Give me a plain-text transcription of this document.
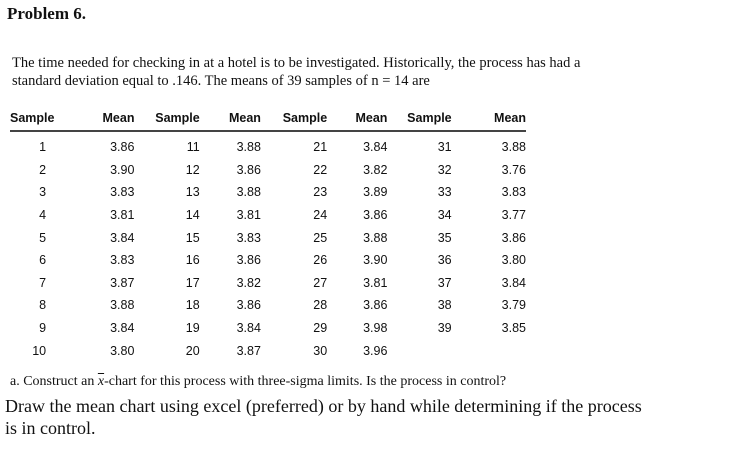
Problem 6.
The time needed for checking in at a hotel is to be investigated. Historically, the process has had a
standard deviation equal to .146. The means of 39 samples of n = 14 are
Sample	Mean	Sample	Mean	Sample	Mean	Sample	Mean
1	3.86	11	3.88	21	3.84	31	3.88
2	3.90	12	3.86	22	3.82	32	3.76
3	3.83	13	3.88	23	3.89	33	3.83
4	3.81	14	3.81	24	3.86	34	3.77
5	3.84	15	3.83	25	3.88	35	3.86
6	3.83	16	3.86	26	3.90	36	3.80
7	3.87	17	3.82	27	3.81	37	3.84
8	3.88	18	3.86	28	3.86	38	3.79
9	3.84	19	3.84	29	3.98	39	3.85
10	3.80	20	3.87	30	3.96		
a. Construct an $\overline{x}$-chart for this process with three-sigma limits. Is the process in control?
Draw the mean chart using excel (preferred) or by hand while determining if the process
is in control.
